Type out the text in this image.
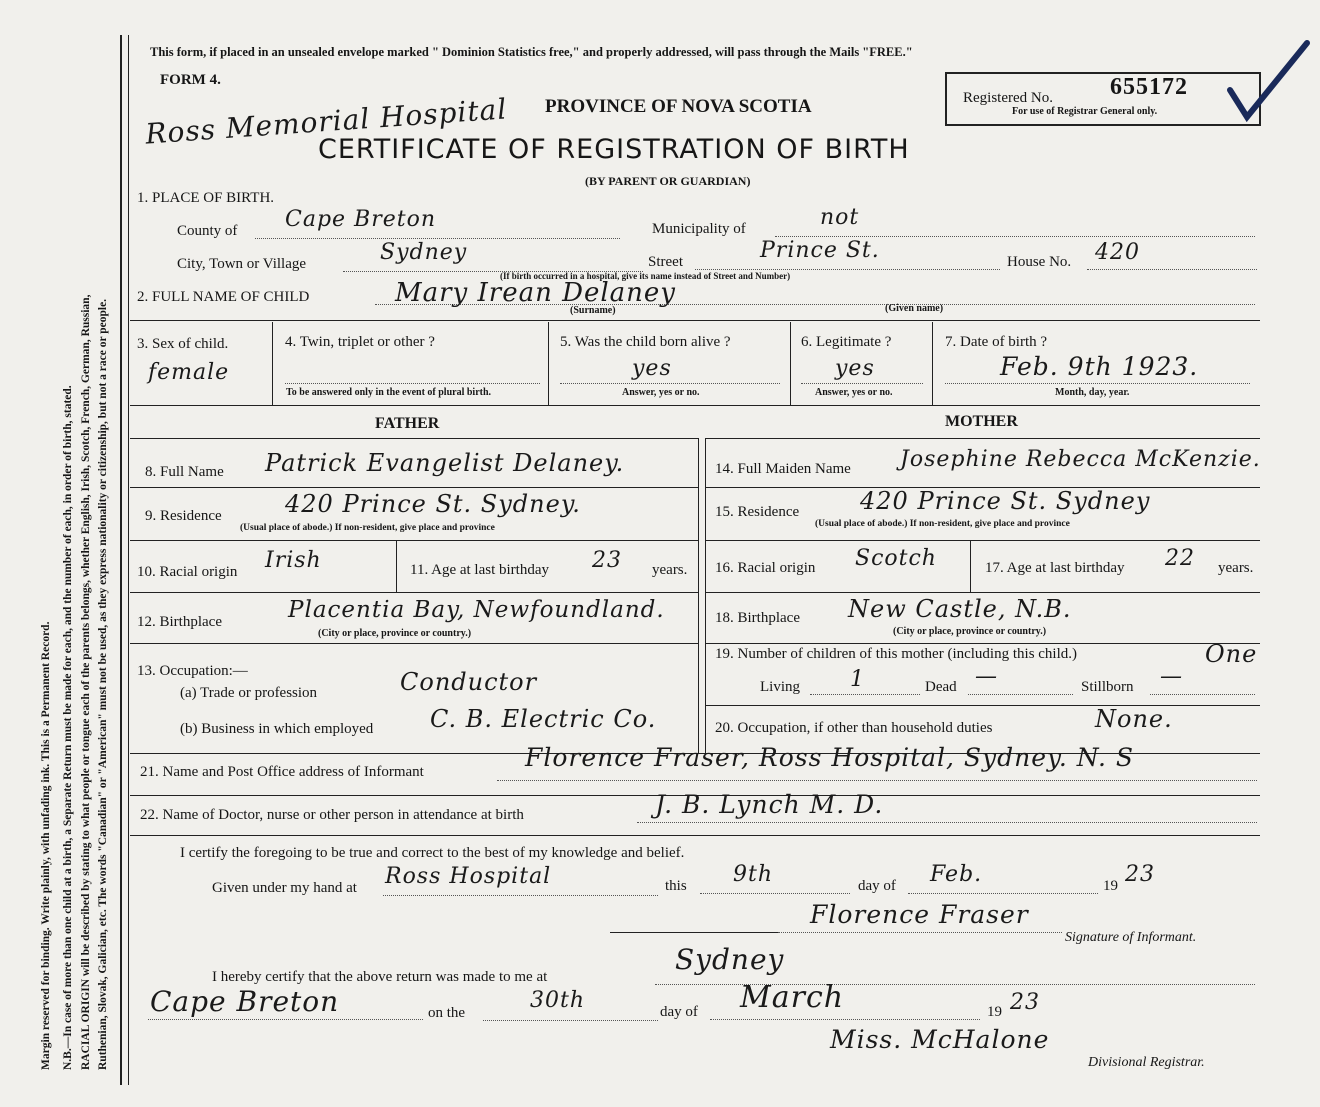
Margin reserved for binding. Write plainly, with unfading ink. This is a Permanent Record. N.B.—In case of more than one child at a birth, a Separate Return must be made for each, and the number of each, in order of birth, stated. RACIAL ORIGIN will be described by stating to what people or tongue each of the parents belongs, whether English, Irish, Scotch, French, German, Russian, Ruthenian, Slovak, Galician, etc. The words "Canadian" or "American" must not be used, as they express nationality or citizenship, but not a race or people.
This form, if placed in an unsealed envelope marked " Dominion Statistics free," and properly addressed, will pass through the Mails "FREE."
FORM 4.
Ross Memorial Hospital PROVINCE OF NOVA SCOTIA
CERTIFICATE OF REGISTRATION OF BIRTH
(BY PARENT OR GUARDIAN)
Registered No. 655172
For use of Registrar General only.
1. PLACE OF BIRTH.
County of Cape Breton	Municipality of	not
City, Town or Village	Sydney	Street	Prince St.
(If birth occurred in a hospital, give its name instead of Street and Number)
House No. 420
2. FULL NAME OF CHILD	Mary Irean Delaney
(Surname)	(Given name)
3. Sex of child.
female
4. Twin, triplet or other ?
To be answered only in the event of plural birth.
5. Was the child born alive ?
yes
Answer, yes or no.
6. Legitimate ?
yes
Answer, yes or no.
7. Date of birth ?
Feb. 9th 1923.
Month, day, year.
FATHER	MOTHER
8. Full Name Patrick Evangelist Delaney.	14. Full Maiden Name Josephine Rebecca McKenzie.
9. Residence	420 Prince St. Sydney.
(Usual place of abode.) If non-resident, give place and province
15. Residence	420 Prince St. Sydney
(Usual place of abode.) If non-resident, give place and province
10. Racial origin Irish	11. Age at last birthday 23 years. 16. Racial origin Scotch	17. Age at last birthday 22 years.
12. Birthplace	Placentia Bay, Newfoundland.
(City or place, province or country.)
18. Birthplace New Castle, N.B.
(City or place, province or country.)
13. Occupation:—
(a) Trade or profession	Conductor
(b) Business in which employed C. B. Electric Co.
19. Number of children of this mother (including this child.)	One
Living 1	Dead —	Stillborn —
20. Occupation, if other than household duties	None.
21. Name and Post Office address of Informant	Florence Fraser, Ross Hospital, Sydney. N. S
22. Name of Doctor, nurse or other person in attendance at birth	J. B. Lynch M. D.
I certify the foregoing to be true and correct to the best of my knowledge and belief.
Given under my hand at Ross Hospital	this 9th	day of Feb.	19 23
Florence Fraser
Signature of Informant.
I hereby certify that the above return was made to me at
Sydney
Cape Breton	on the	30th	day of March	19 23
Miss. McHalone
Divisional Registrar.
